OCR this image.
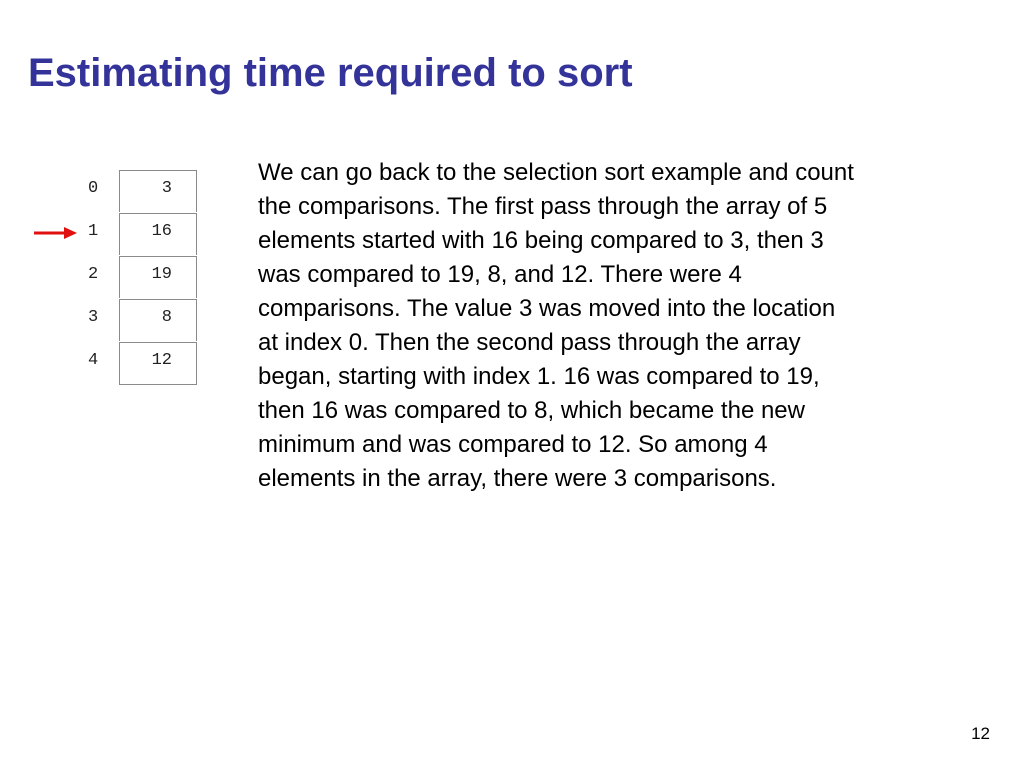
Estimating time required to sort
0	3
1	16
2	19
3	8
4	12
We can go back to the selection sort example and count
the comparisons. The first pass through the array of 5
elements started with 16 being compared to 3, then 3
was compared to 19, 8, and 12. There were 4
comparisons. The value 3 was moved into the location
at index 0. Then the second pass through the array
began, starting with index 1. 16 was compared to 19,
then 16 was compared to 8, which became the new
minimum and was compared to 12. So among 4
elements in the array, there were 3 comparisons.
12
